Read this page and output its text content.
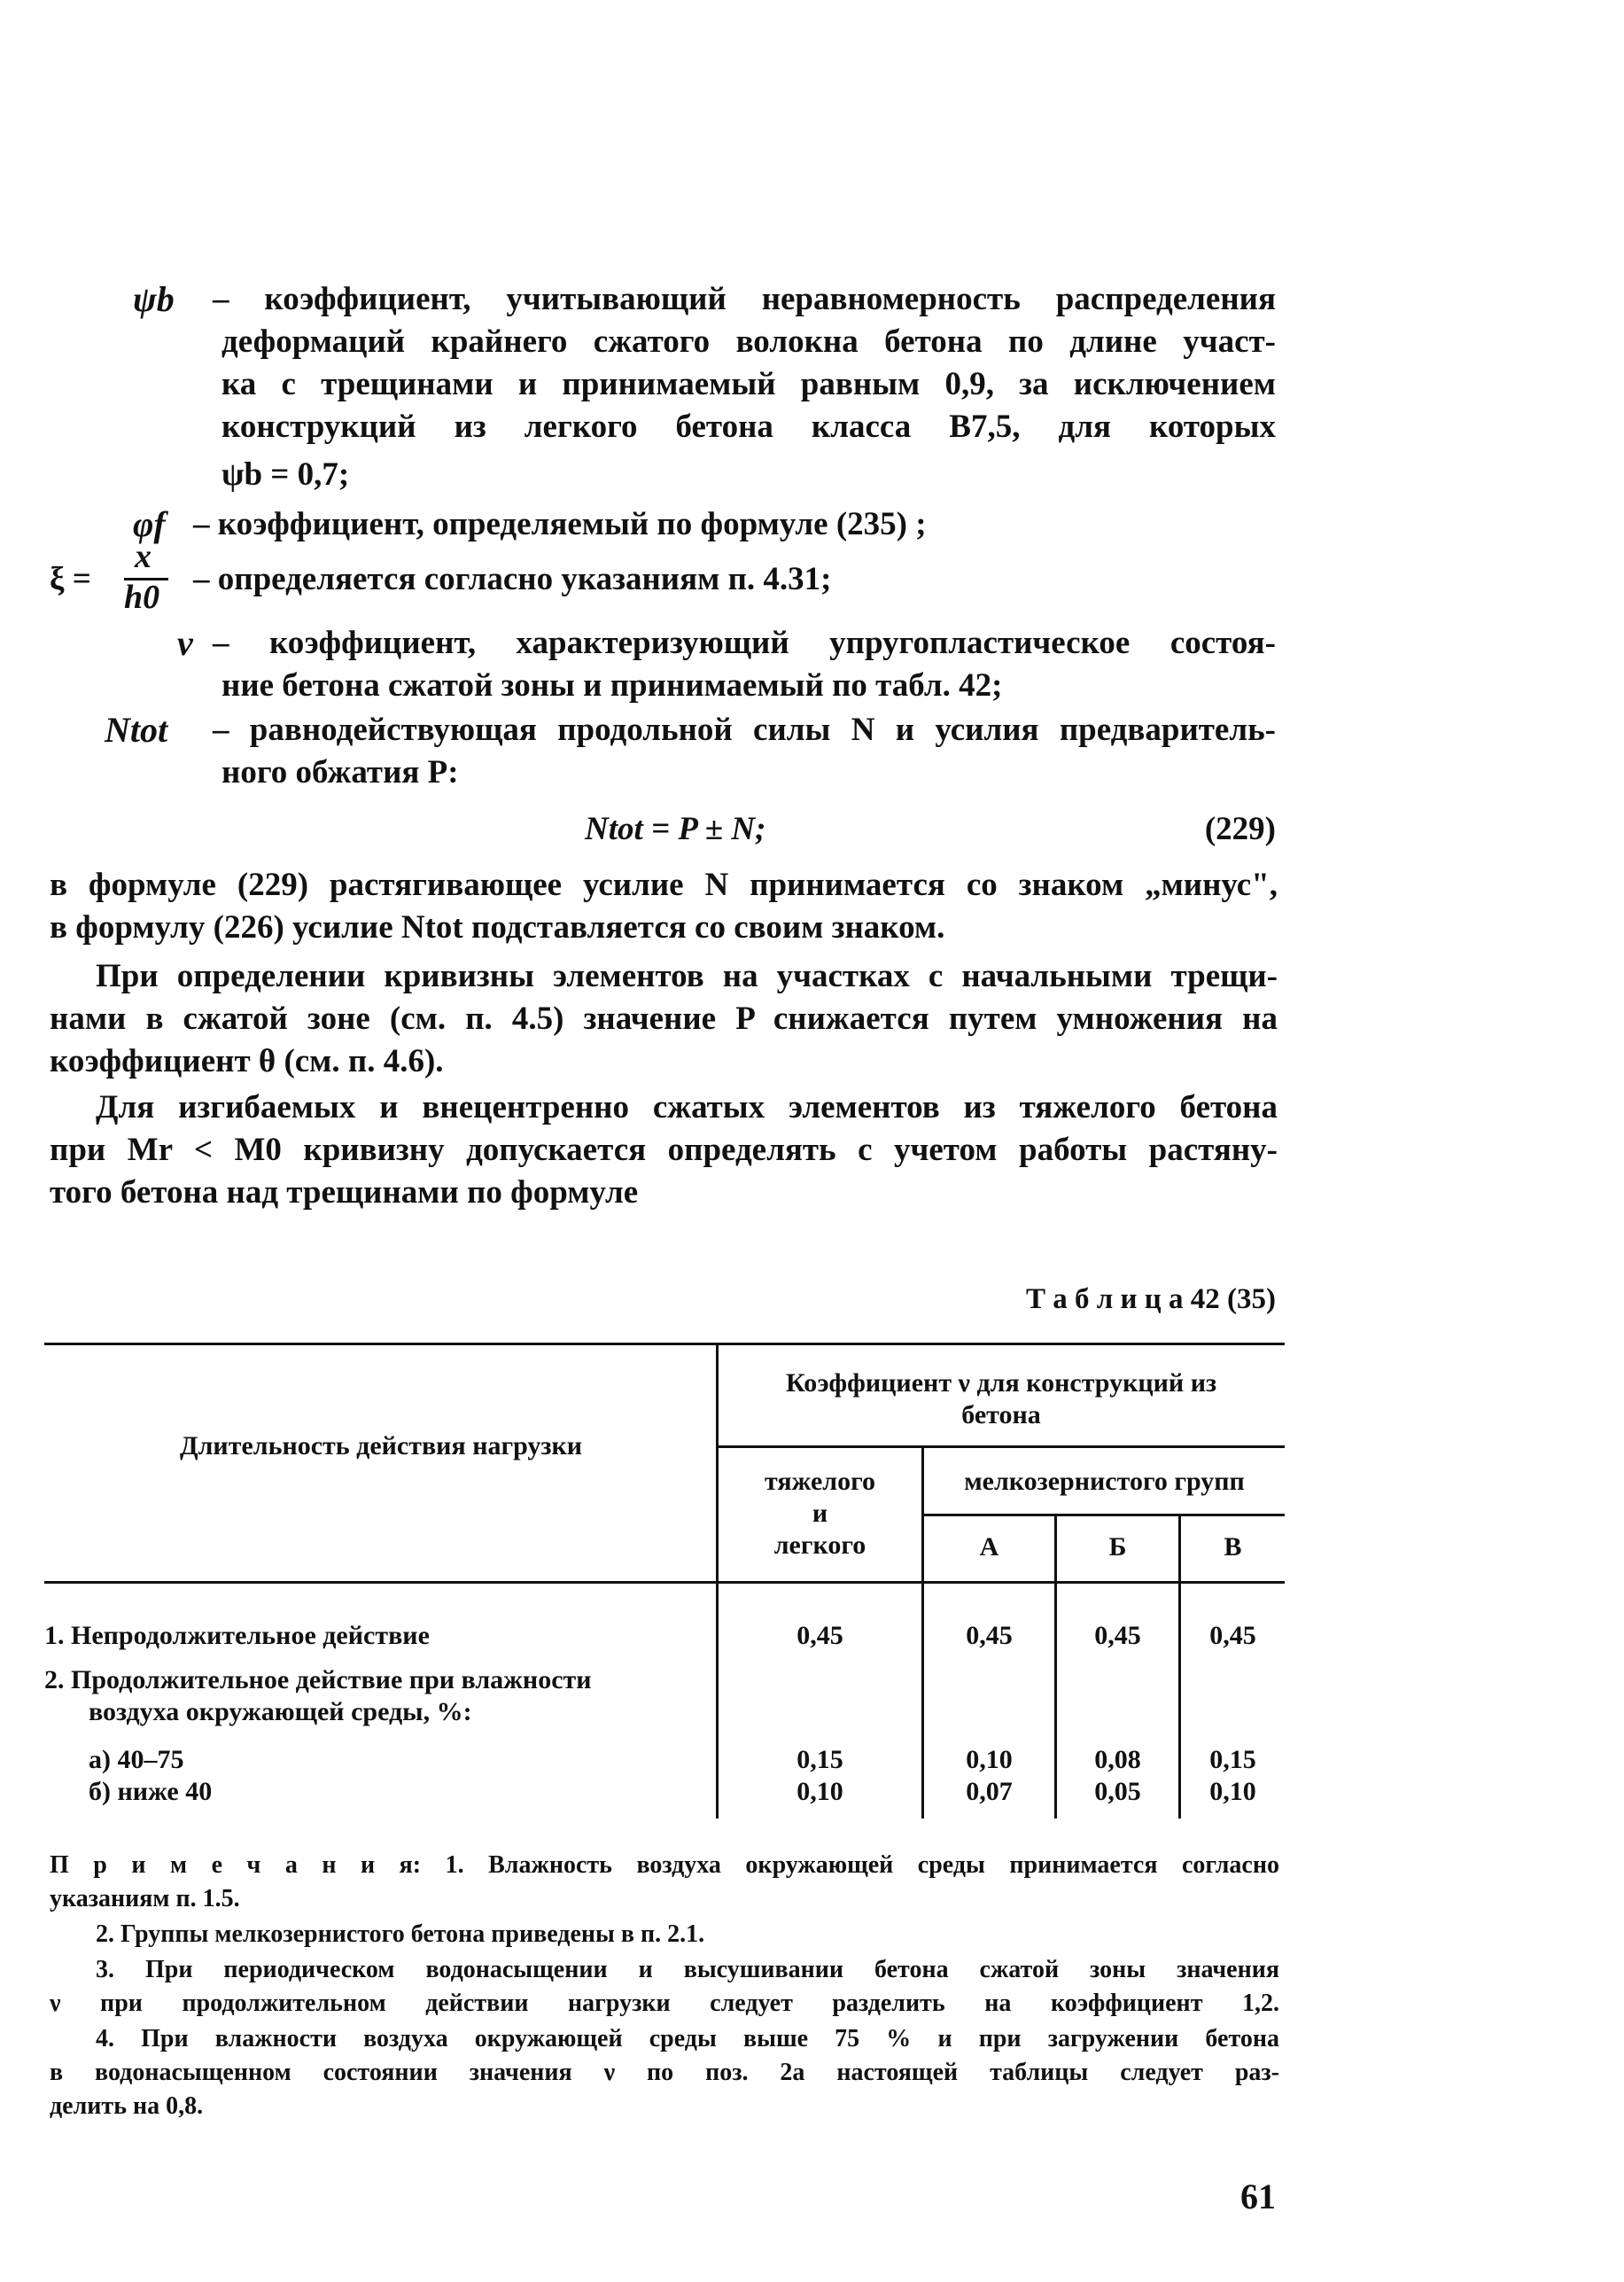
ψb – коэффициент, учитывающий неравномерность распределения
деформаций крайнего сжатого волокна бетона по длине участ-
ка с трещинами и принимаемый равным 0,9, за исключением
конструкций из легкого бетона класса В7,5, для которых
ψb = 0,7;
φf – коэффициент, определяемый по формуле (235) ;
ξ =
x
h0 – определяется согласно указаниям п. 4.31;
ν – коэффициент, характеризующий упругопластическое состоя-
ние бетона сжатой зоны и принимаемый по табл. 42;
Ntot – равнодействующая продольной силы N и усилия предваритель-
ного обжатия P:
Ntot = P ± N;	(229)
в формуле (229) растягивающее усилие N принимается со знаком „минус",
в формулу (226) усилие Ntot подставляется со своим знаком.
При определении кривизны элементов на участках с начальными трещи-
нами в сжатой зоне (см. п. 4.5) значение P снижается путем умножения на
коэффициент θ (см. п. 4.6).
Для изгибаемых и внецентренно сжатых элементов из тяжелого бетона
при Mr < M0 кривизну допускается определять с учетом работы растяну-
того бетона над трещинами по формуле
Т а б л и ц а 42 (35)
Длительность действия нагрузки
Коэффициент ν для конструкций из бетона
тяжелого
и
легкого
мелкозернистого групп
А	Б	В
1. Непродолжительное действие	0,45	0,45	0,45	0,45
2. Продолжительное действие при влажности
воздуха окружающей среды, %:
а) 40–75	0,15	0,10	0,08	0,15
б) ниже 40	0,10	0,07	0,05	0,10
П р и м е ч а н и я: 1. Влажность воздуха окружающей среды принимается согласно
указаниям п. 1.5.
2. Группы мелкозернистого бетона приведены в п. 2.1.
3. При периодическом водонасыщении и высушивании бетона сжатой зоны значения
ν при продолжительном действии нагрузки следует разделить на коэффициент 1,2.
4. При влажности воздуха окружающей среды выше 75 % и при загружении бетона
в водонасыщенном состоянии значения ν по поз. 2а настоящей таблицы следует раз-
делить на 0,8.
61
